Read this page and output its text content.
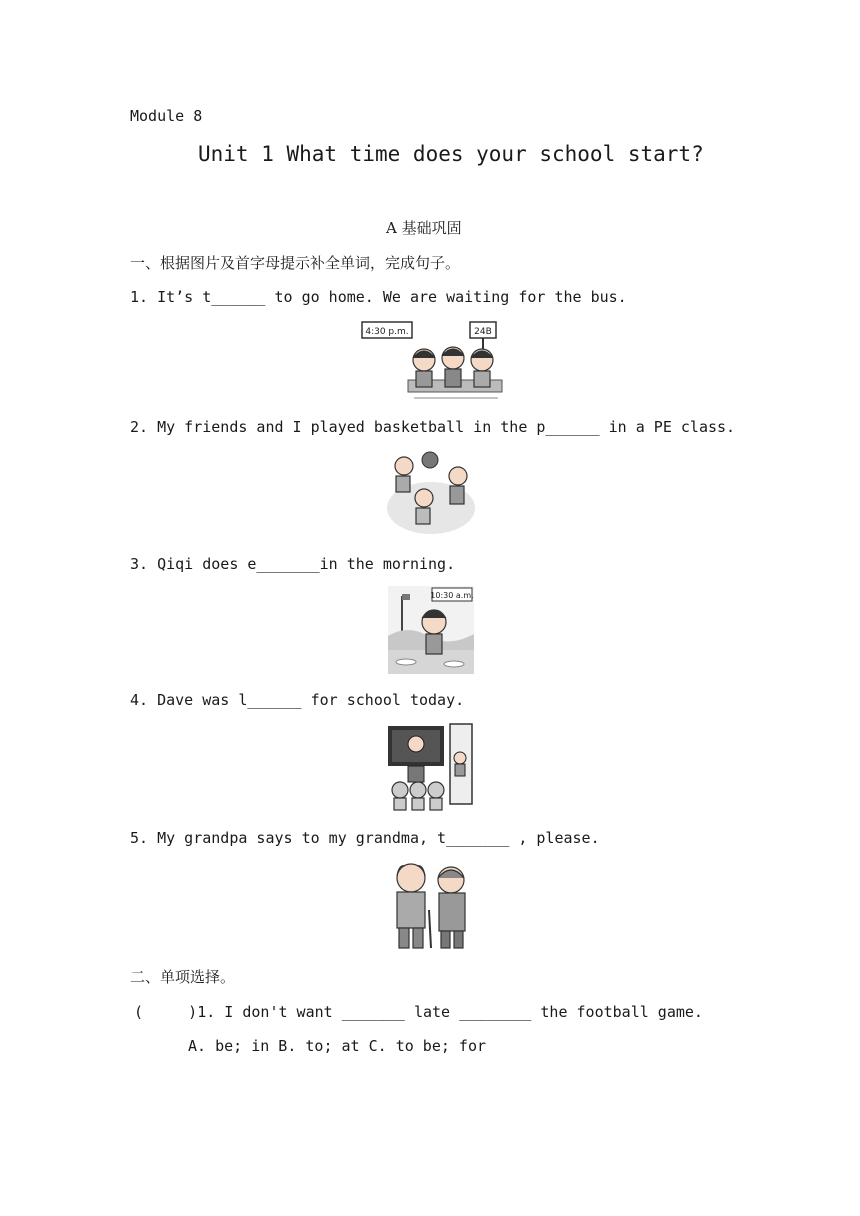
Module 8
Unit 1 What time does your school start?
A 基础巩固
一、根据图片及首字母提示补全单词，完成句子。
1. It’s t______ to go home. We are waiting for the bus.
4:30 p.m.	24B
2. My friends and I played basketball in the p______ in a PE class.
3. Qiqi does e_______in the morning.
10:30 a.m.
4. Dave was l______ for school today.
5. My grandpa says to my grandma, t_______ , please.
二、单项选择。
(     )1. I don't want _______ late ________ the football game.
A. be; in B. to; at C. to be; for
